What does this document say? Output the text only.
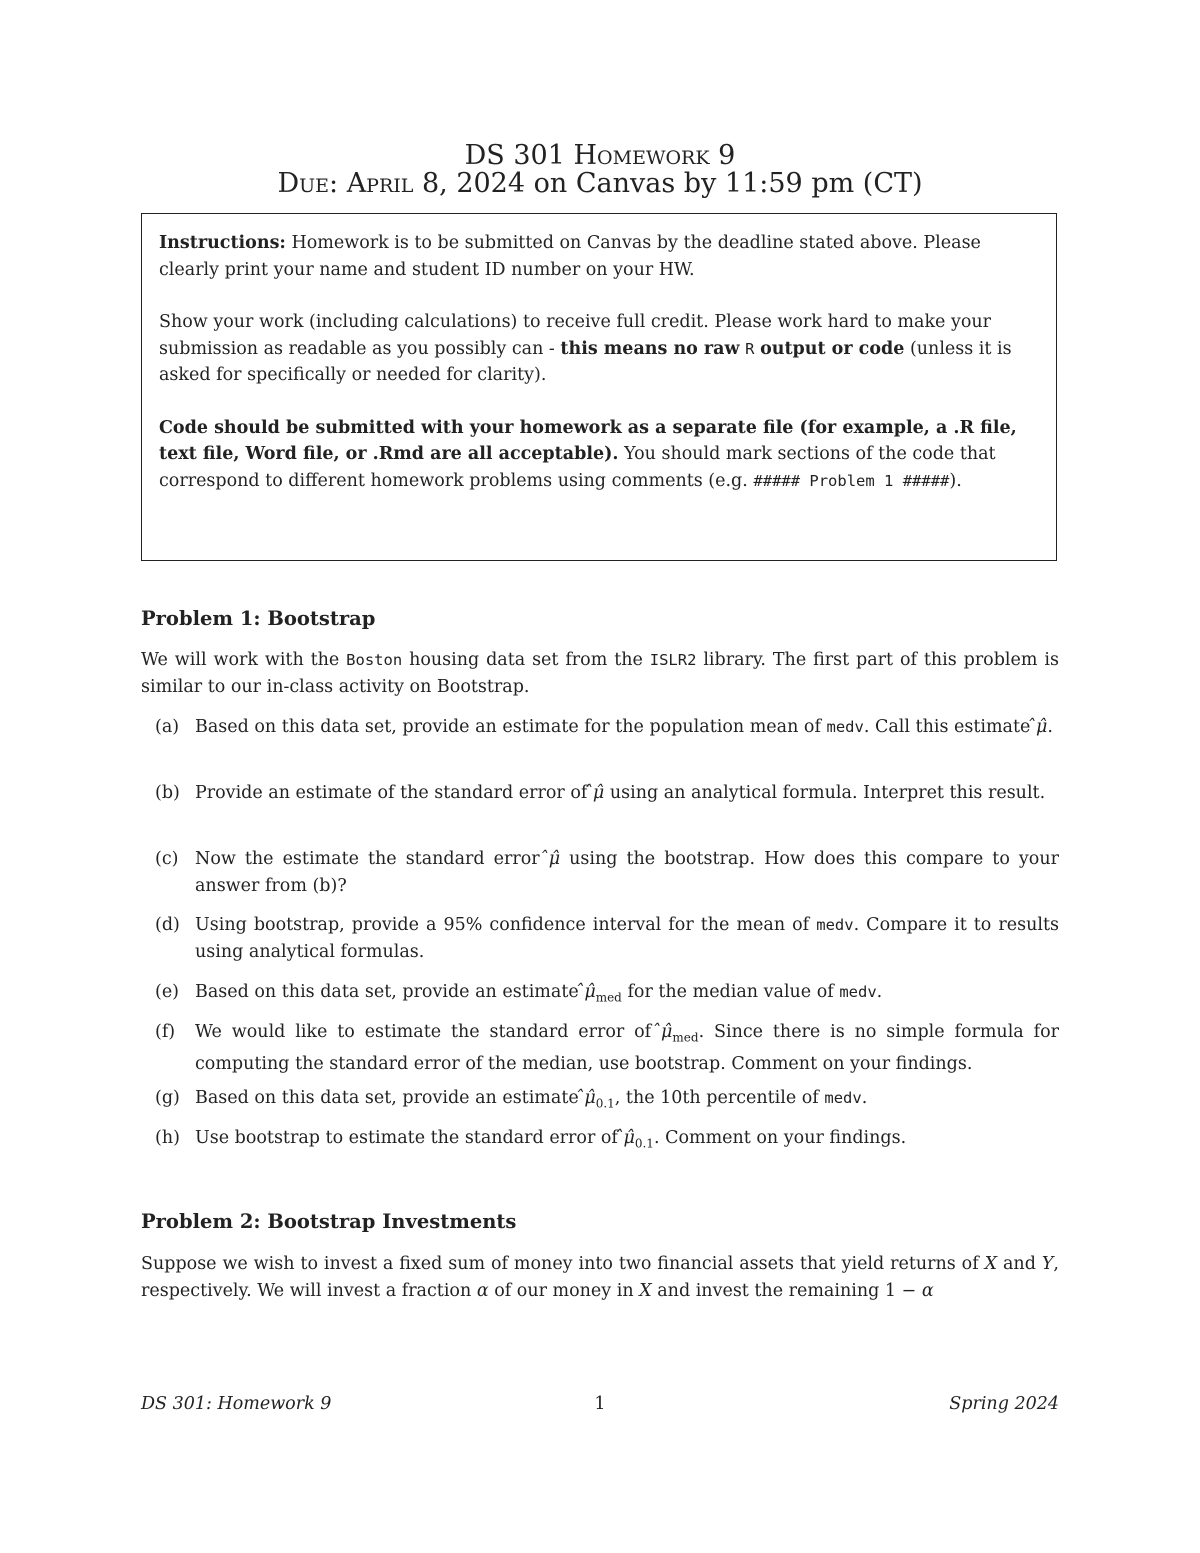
DS 301 Homework 9
Due: April 8, 2024 on Canvas by 11:59 pm (CT)

Instructions: Homework is to be submitted on Canvas by the deadline stated above. Please clearly print your name and student ID number on your HW.

Show your work (including calculations) to receive full credit. Please work hard to make your submission as readable as you possibly can - this means no raw R output or code (unless it is asked for specifically or needed for clarity).

Code should be submitted with your homework as a separate file (for example, a .R file, text file, Word file, or .Rmd are all acceptable). You should mark sections of the code that correspond to different homework problems using comments (e.g. ##### Problem 1 #####).

Problem 1: Bootstrap
We will work with the Boston housing data set from the ISLR2 library. The first part of this problem is similar to our in-class activity on Bootstrap.
(a) Based on this data set, provide an estimate for the population mean of medv. Call this estimate ̂ μ̂.
(b) Provide an estimate of the standard error of ̂ μ̂ using an analytical formula. Interpret this result.
(c) Now the estimate the standard error ̂ μ̂ using the bootstrap. How does this compare to your answer from (b)?
(d) Using bootstrap, provide a 95% confidence interval for the mean of medv. Compare it to results using analytical formulas.
(e) Based on this data set, provide an estimate ̂ $\mû_{med}$ for the median value of medv.
(f) We would like to estimate the standard error of ̂ $\mû_{med}$. Since there is no simple formula for computing the standard error of the median, use bootstrap. Comment on your findings.
(g) Based on this data set, provide an estimate ̂ $\mû_{0.1}$, the 10th percentile of medv.
(h) Use bootstrap to estimate the standard error of ̂ $\mû_{0.1}$. Comment on your findings.
Problem 2: Bootstrap Investments
Suppose we wish to invest a fixed sum of money into two financial assets that yield returns of X and Y, respectively. We will invest a fraction α of our money in X and invest the remaining 1 − α
DS 301: Homework 9	1	Spring 2024
